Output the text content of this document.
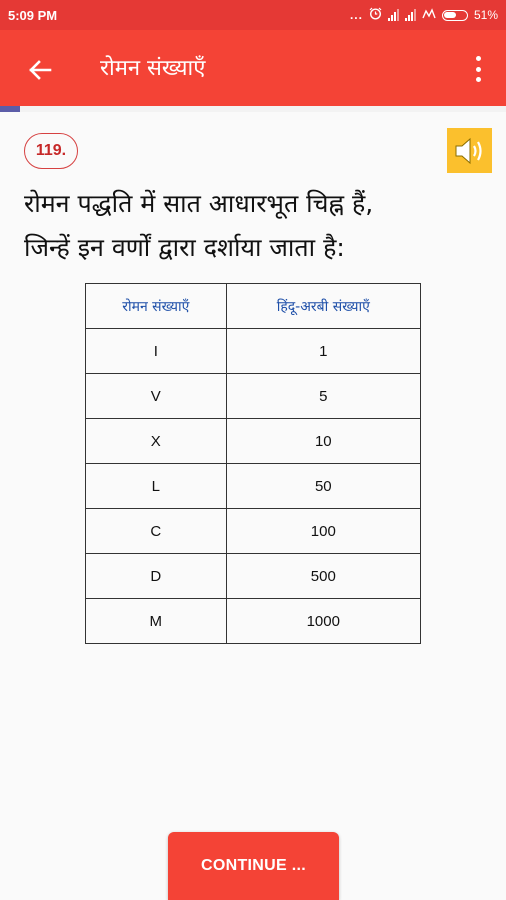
5:09 PM	...	51%
रोमन संख्याएँ
119.

रोमन पद्धति में सात आधारभूत चिह्न हैं,
जिन्हें इन वर्णों द्वारा दर्शाया जाता है:

रोमन संख्याएँ	हिंदू-अरबी संख्याएँ
I	1
V	5
X	10
L	50
C	100
D	500
M	1000
CONTINUE ...
